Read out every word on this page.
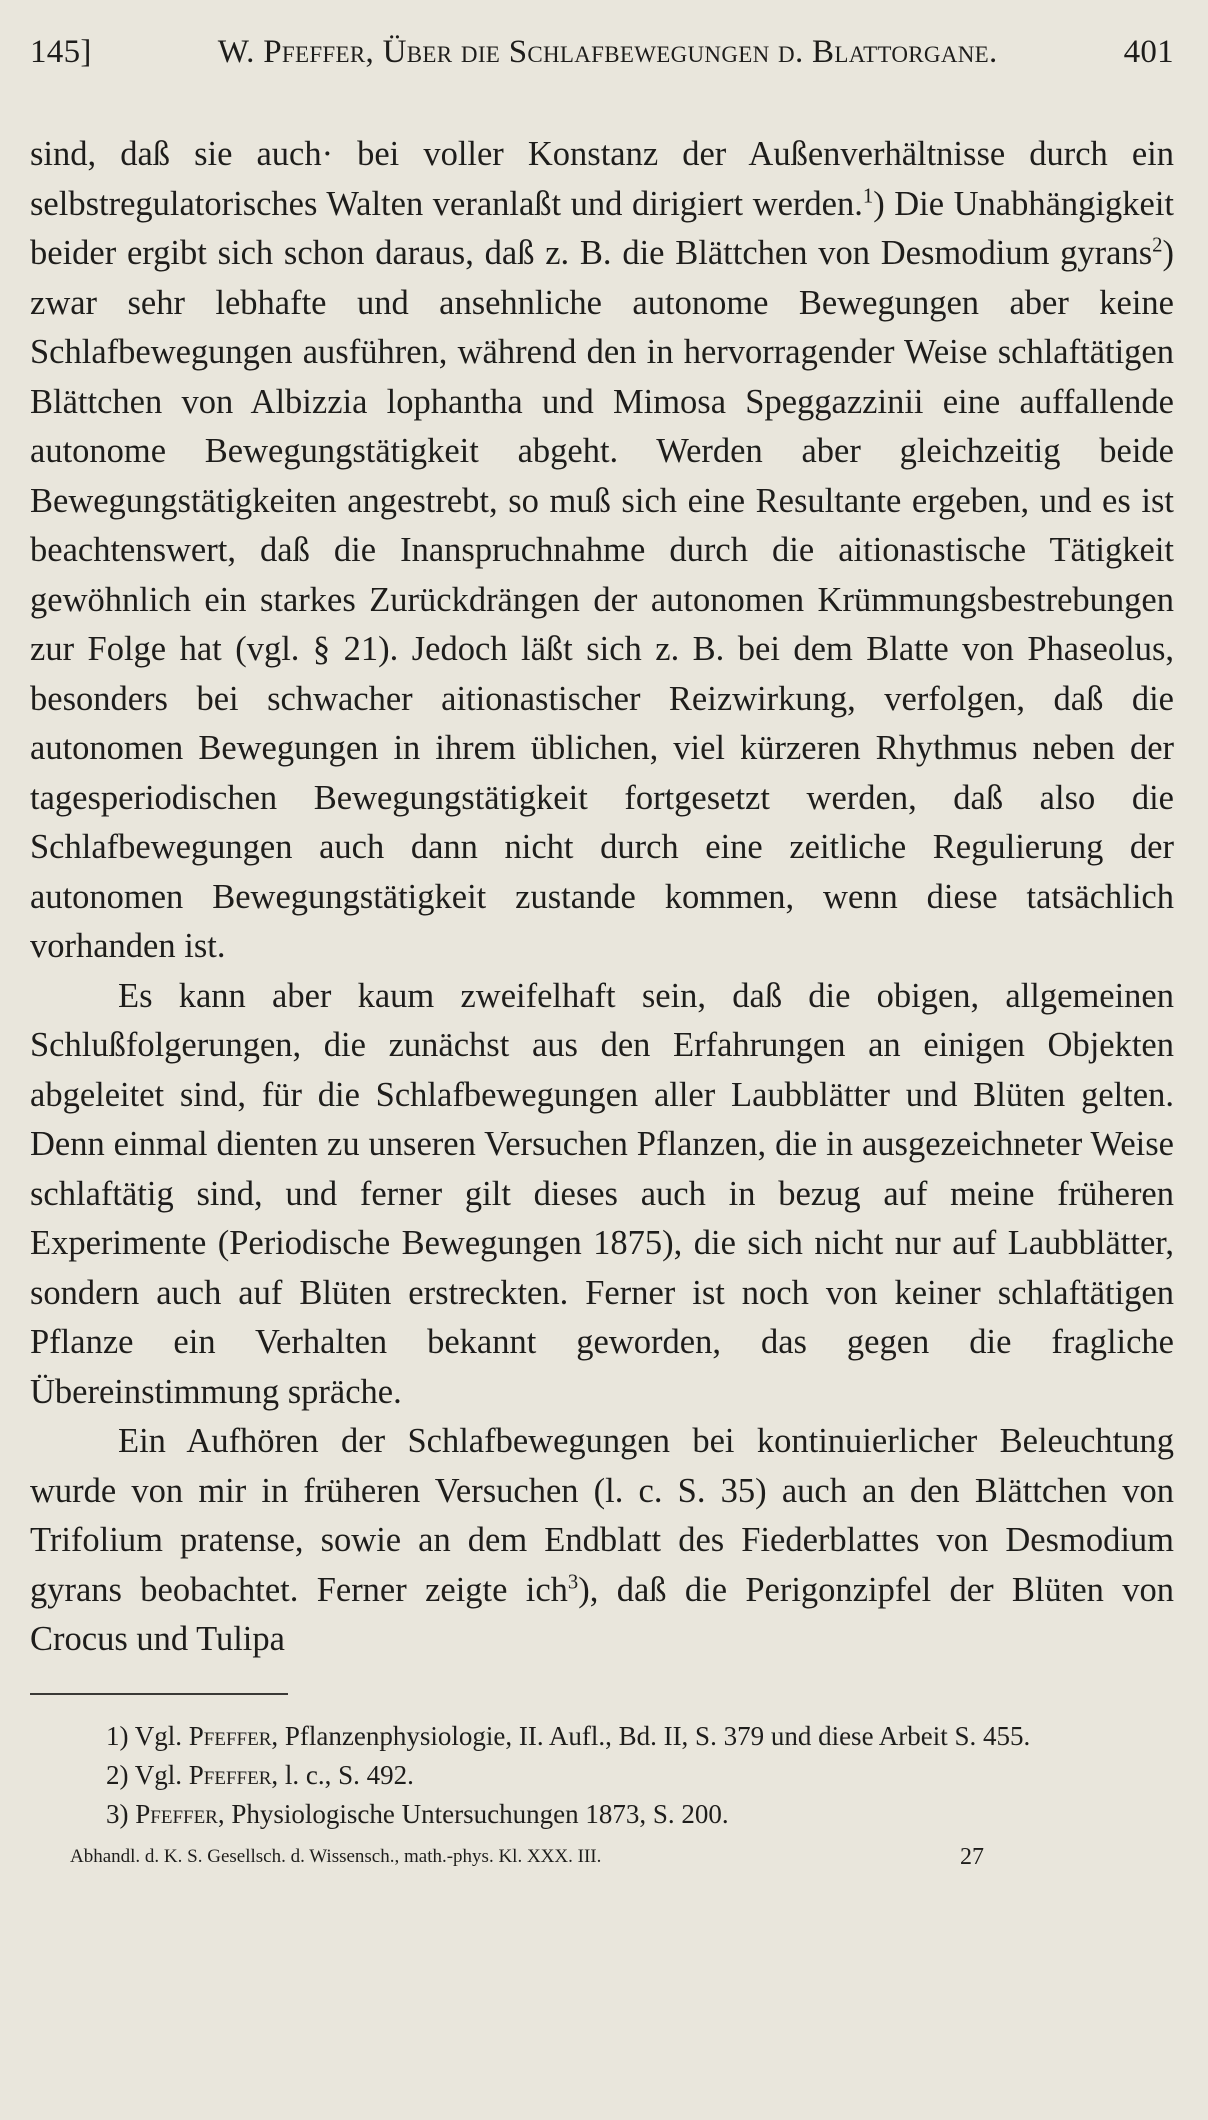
145]	W. Pfeffer, Über die Schlafbewegungen d. Blattorgane.	401

sind, daß sie auch· bei voller Konstanz der Außenverhältnisse durch ein selbstregulatorisches Walten veranlaßt und dirigiert werden.$^1$) Die Unabhängigkeit beider ergibt sich schon daraus, daß z. B. die Blättchen von Desmodium gyrans$^2$) zwar sehr lebhafte und ansehnliche autonome Bewegungen aber keine Schlafbewegungen ausführen, während den in hervorragender Weise schlaftätigen Blättchen von Albizzia lophantha und Mimosa Speggazzinii eine auffallende autonome Bewegungstätigkeit abgeht. Werden aber gleichzeitig beide Bewegungstätigkeiten angestrebt, so muß sich eine Resultante ergeben, und es ist beachtenswert, daß die Inanspruchnahme durch die aitionastische Tätigkeit gewöhnlich ein starkes Zurückdrängen der autonomen Krümmungsbestrebungen zur Folge hat (vgl. § 21). Jedoch läßt sich z. B. bei dem Blatte von Phaseolus, besonders bei schwacher aitionastischer Reizwirkung, verfolgen, daß die autonomen Bewegungen in ihrem üblichen, viel kürzeren Rhythmus neben der tagesperiodischen Bewegungstätigkeit fortgesetzt werden, daß also die Schlafbewegungen auch dann nicht durch eine zeitliche Regulierung der autonomen Bewegungstätigkeit zustande kommen, wenn diese tatsächlich vorhanden ist.

Es kann aber kaum zweifelhaft sein, daß die obigen, allgemeinen Schlußfolgerungen, die zunächst aus den Erfahrungen an einigen Objekten abgeleitet sind, für die Schlafbewegungen aller Laubblätter und Blüten gelten. Denn einmal dienten zu unseren Versuchen Pflanzen, die in ausgezeichneter Weise schlaftätig sind, und ferner gilt dieses auch in bezug auf meine früheren Experimente (Periodische Bewegungen 1875), die sich nicht nur auf Laubblätter, sondern auch auf Blüten erstreckten. Ferner ist noch von keiner schlaftätigen Pflanze ein Verhalten bekannt geworden, das gegen die fragliche Übereinstimmung spräche.

Ein Aufhören der Schlafbewegungen bei kontinuierlicher Beleuchtung wurde von mir in früheren Versuchen (l. c. S. 35) auch an den Blättchen von Trifolium pratense, sowie an dem Endblatt des Fiederblattes von Desmodium gyrans beobachtet. Ferner zeigte ich$^3$), daß die Perigonzipfel der Blüten von Crocus und Tulipa

1) Vgl. Pfeffer, Pflanzenphysiologie, II. Aufl., Bd. II, S. 379 und diese Arbeit S. 455.

2) Vgl. Pfeffer, l. c., S. 492.

3) Pfeffer, Physiologische Untersuchungen 1873, S. 200.

Abhandl. d. K. S. Gesellsch. d. Wissensch., math.-phys. Kl. XXX. III.	27
